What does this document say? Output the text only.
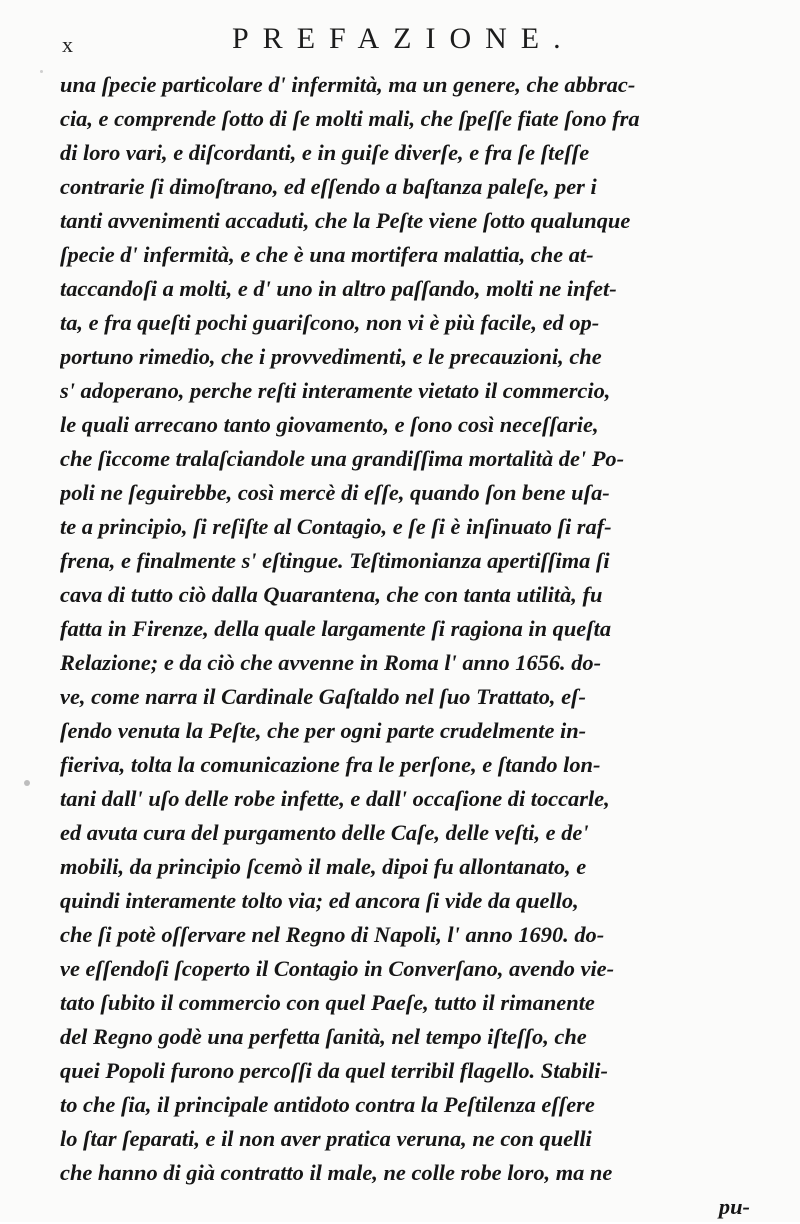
x	PREFAZIONE.
una ſpecie particolare d' infermità, ma un genere, che abbrac-
cia, e comprende ſotto di ſe molti mali, che ſpeſſe fiate ſono fra
di loro vari, e diſcordanti, e in guiſe diverſe, e fra ſe ſteſſe
contrarie ſi dimoſtrano, ed eſſendo a baſtanza paleſe, per i
tanti avvenimenti accaduti, che la Peſte viene ſotto qualunque
ſpecie d' infermità, e che è una mortifera malattia, che at-
taccandoſi a molti, e d' uno in altro paſſando, molti ne infet-
ta, e fra queſti pochi guariſcono, non vi è più facile, ed op-
portuno rimedio, che i provvedimenti, e le precauzioni, che
s' adoperano, perche reſti interamente vietato il commercio,
le quali arrecano tanto giovamento, e ſono così neceſſarie,
che ſiccome tralaſciandole una grandiſſima mortalità de' Po-
poli ne ſeguirebbe, così mercè di eſſe, quando ſon bene uſa-
te a principio, ſi reſiſte al Contagio, e ſe ſi è inſinuato ſi raf-
frena, e finalmente s' eſtingue. Teſtimonianza apertiſſima ſi
cava di tutto ciò dalla Quarantena, che con tanta utilità, fu
fatta in Firenze, della quale largamente ſi ragiona in queſta
Relazione; e da ciò che avvenne in Roma l' anno 1656. do-
ve, come narra il Cardinale Gaſtaldo nel ſuo Trattato, eſ-
ſendo venuta la Peſte, che per ogni parte crudelmente in-
fieriva, tolta la comunicazione fra le perſone, e ſtando lon-
tani dall' uſo delle robe infette, e dall' occaſione di toccarle,
ed avuta cura del purgamento delle Caſe, delle veſti, e de'
mobili, da principio ſcemò il male, dipoi fu allontanato, e
quindi interamente tolto via; ed ancora ſi vide da quello,
che ſi potè oſſervare nel Regno di Napoli, l' anno 1690. do-
ve eſſendoſi ſcoperto il Contagio in Converſano, avendo vie-
tato ſubito il commercio con quel Paeſe, tutto il rimanente
del Regno godè una perfetta ſanità, nel tempo iſteſſo, che
quei Popoli furono percoſſi da quel terribil flagello. Stabili-
to che ſia, il principale antidoto contra la Peſtilenza eſſere
lo ſtar ſeparati, e il non aver pratica veruna, ne con quelli
che hanno di già contratto il male, ne colle robe loro, ma ne
pu-
